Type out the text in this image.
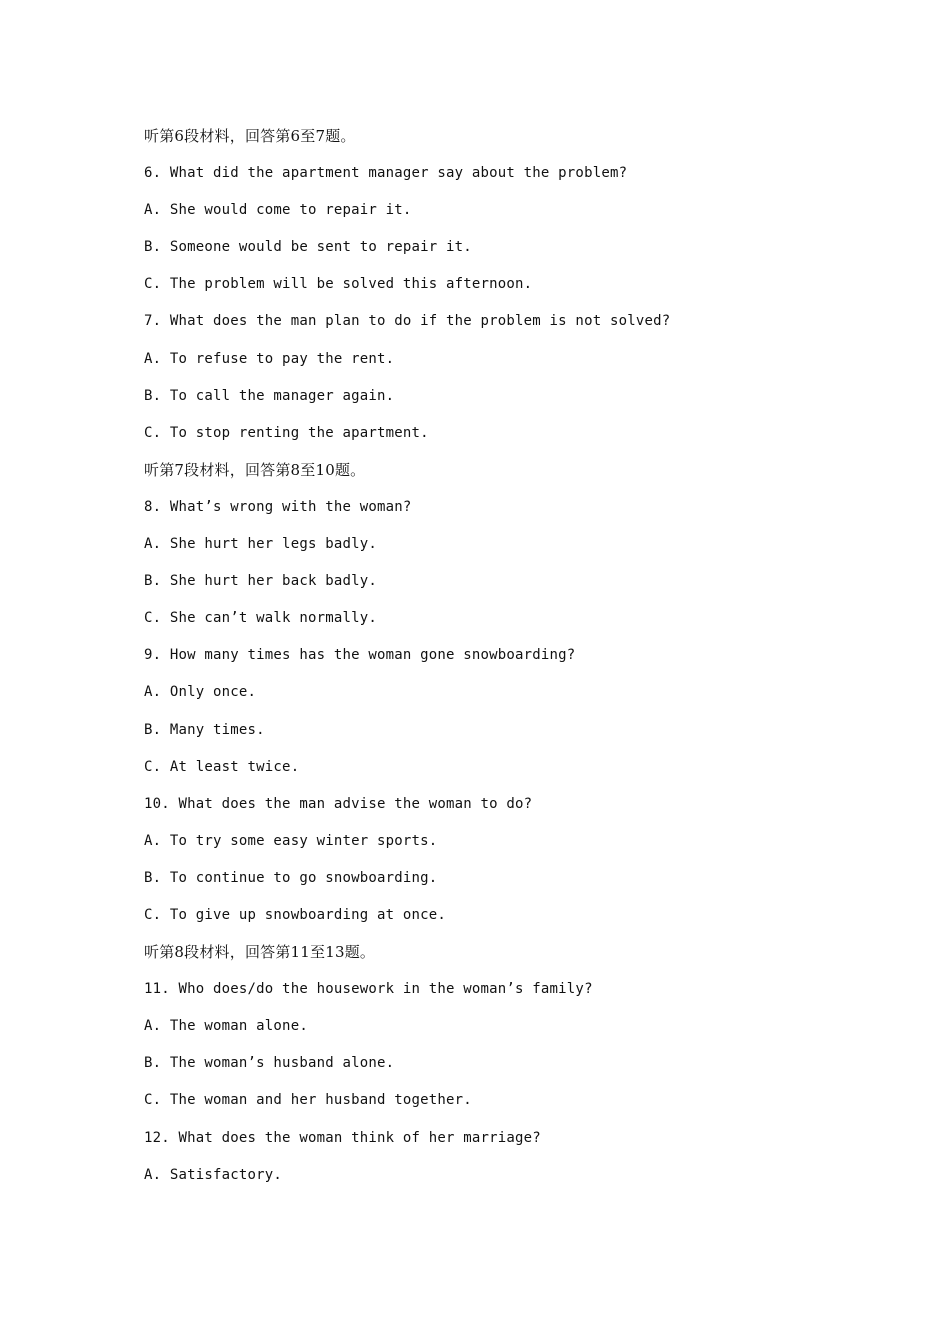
听第6段材料，回答第6至7题。
6. What did the apartment manager say about the problem?
A. She would come to repair it.
B. Someone would be sent to repair it.
C. The problem will be solved this afternoon.
7. What does the man plan to do if the problem is not solved?
A. To refuse to pay the rent.
B. To call the manager again.
C. To stop renting the apartment.
听第7段材料，回答第8至10题。
8. What’s wrong with the woman?
A. She hurt her legs badly.
B. She hurt her back badly.
C. She can’t walk normally.
9. How many times has the woman gone snowboarding?
A. Only once.
B. Many times.
C. At least twice.
10. What does the man advise the woman to do?
A. To try some easy winter sports.
B. To continue to go snowboarding.
C. To give up snowboarding at once.
听第8段材料，回答第11至13题。
11. Who does/do the housework in the woman’s family?
A. The woman alone.
B. The woman’s husband alone.
C. The woman and her husband together.
12. What does the woman think of her marriage?
A. Satisfactory.
